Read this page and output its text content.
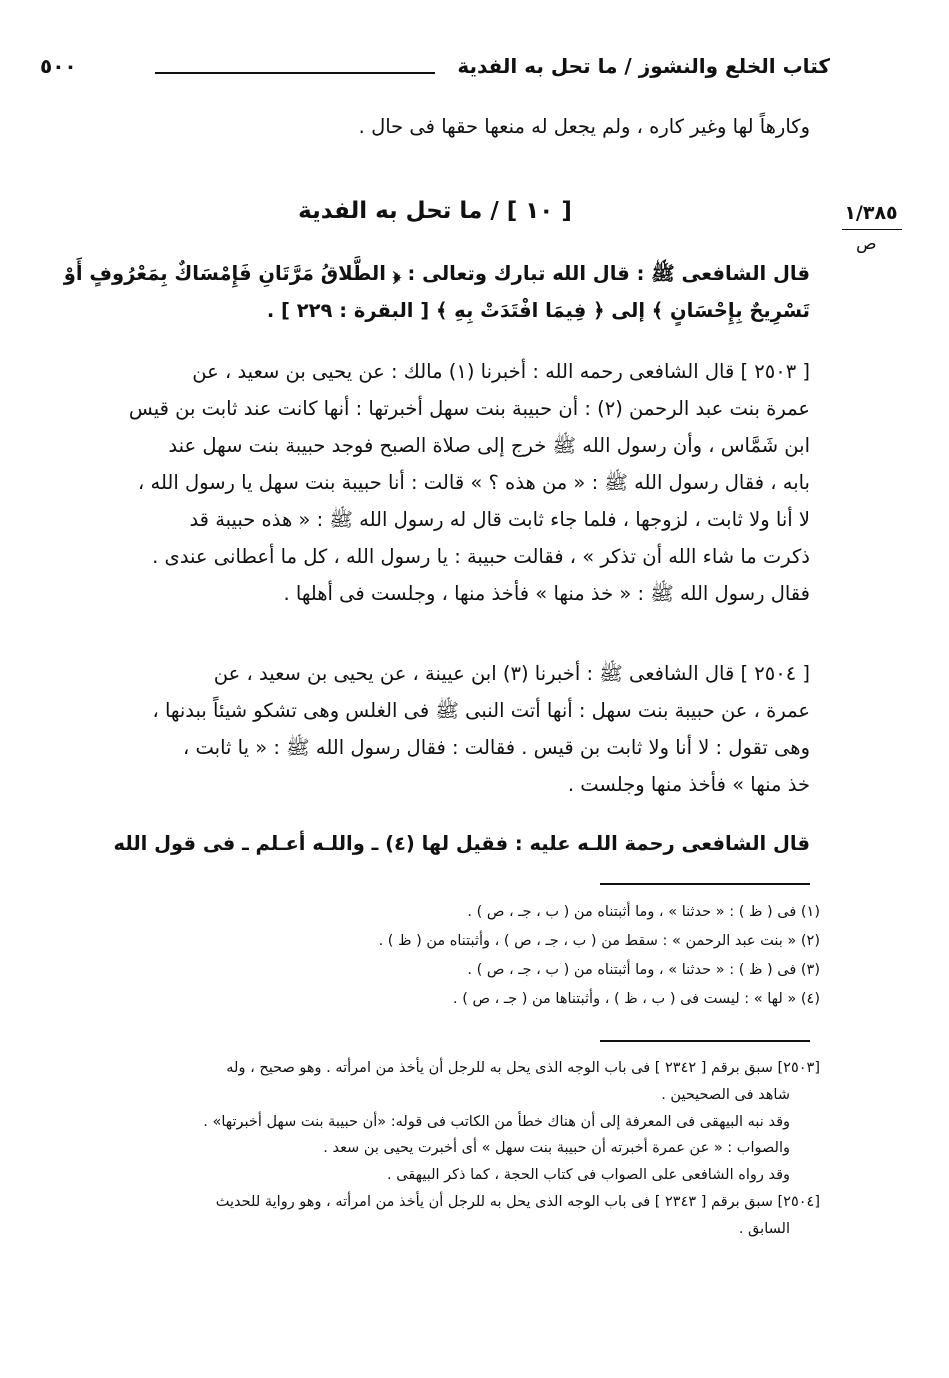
كتاب الخلع والنشوز / ما تحل به الفدية
٥٠٠
وكارهاً لها وغير كاره ، ولم يجعل له منعها حقها فى حال .
١/٣٨٥
ص
[ ١٠ ] / ما تحل به الفدية
قال الشافعى ﷺ : قال الله تبارك وتعالى : ﴿ الطَّلاقُ مَرَّتَانِ فَإِمْسَاكٌ بِمَعْرُوفٍ أَوْ
تَسْرِيحٌ بِإِحْسَانٍ ﴾ إلى ﴿ فِيمَا افْتَدَتْ بِهِ ﴾ [ البقرة : ٢٢٩ ] .
[ ٢٥٠٣ ] قال الشافعى رحمه الله : أخبرنا (١) مالك : عن يحيى بن سعيد ، عن
عمرة بنت عبد الرحمن (٢) : أن حبيبة بنت سهل أخبرتها : أنها كانت عند ثابت بن قيس
ابن شَمَّاس ، وأن رسول الله ﷺ خرج إلى صلاة الصبح فوجد حبيبة بنت سهل عند
بابه ، فقال رسول الله ﷺ : « من هذه ؟ » قالت : أنا حبيبة بنت سهل يا رسول الله ،
لا أنا ولا ثابت ، لزوجها ، فلما جاء ثابت قال له رسول الله ﷺ : « هذه حبيبة قد
ذكرت ما شاء الله أن تذكر » ، فقالت حبيبة : يا رسول الله ، كل ما أعطانى عندى .
فقال رسول الله ﷺ : « خذ منها » فأخذ منها ، وجلست فى أهلها .
[ ٢٥٠٤ ] قال الشافعى ﷺ : أخبرنا (٣) ابن عيينة ، عن يحيى بن سعيد ، عن
عمرة ، عن حبيبة بنت سهل : أنها أتت النبى ﷺ فى الغلس وهى تشكو شيئاً ببدنها ،
وهى تقول : لا أنا ولا ثابت بن قيس . فقالت : فقال رسول الله ﷺ : « يا ثابت ،
خذ منها » فأخذ منها وجلست .
قال الشافعى رحمة اللـه عليه : فقيل لها (٤) ـ واللـه أعـلم ـ فى قول الله
(١) فى ( ظ ) : « حدثنا » ، وما أثبتناه من ( ب ، جـ ، ص ) .
(٢) « بنت عبد الرحمن » : سقط من ( ب ، جـ ، ص ) ، وأثبتناه من ( ظ ) .
(٣) فى ( ظ ) : « حدثنا » ، وما أثبتناه من ( ب ، جـ ، ص ) .
(٤) « لها » : ليست فى ( ب ، ظ ) ، وأثبتناها من ( جـ ، ص ) .
[٢٥٠٣] سبق برقم [ ٢٣٤٢ ] فى باب الوجه الذى يحل به للرجل أن يأخذ من امرأته . وهو صحيح ، وله
شاهد فى الصحيحين .
وقد نبه البيهقى فى المعرفة إلى أن هناك خطأ من الكاتب فى قوله: «أن حبيبة بنت سهل أخبرتها» .
والصواب : « عن عمرة أخبرته أن حبيبة بنت سهل » أى أخبرت يحيى بن سعد .
وقد رواه الشافعى على الصواب فى كتاب الحجة ، كما ذكر البيهقى .
[٢٥٠٤] سبق برقم [ ٢٣٤٣ ] فى باب الوجه الذى يحل به للرجل أن يأخذ من امرأته ، وهو رواية للحديث
السابق .
